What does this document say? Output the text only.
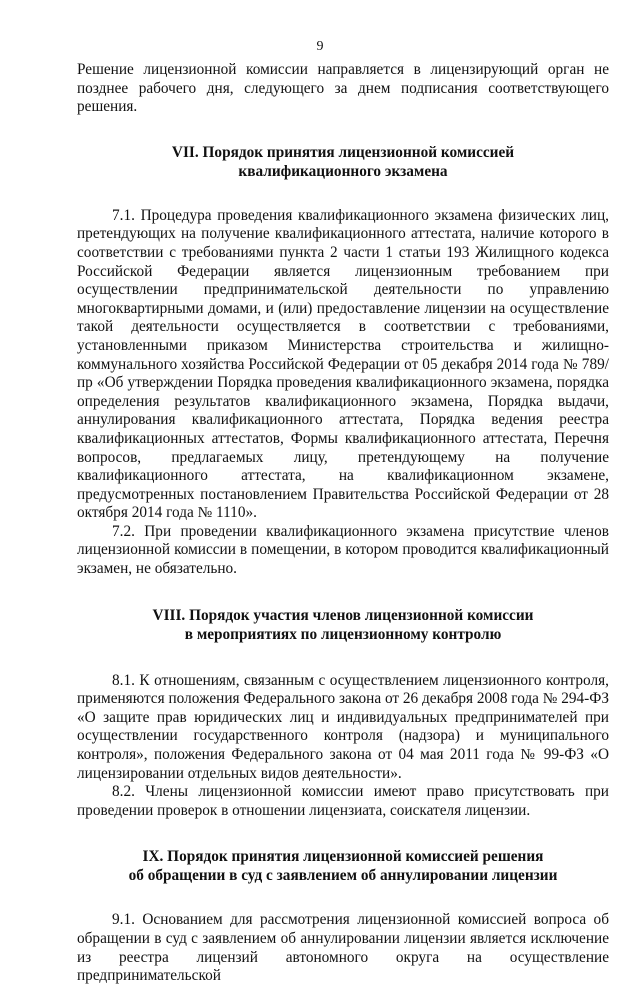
9

Решение лицензионной комиссии направляется в лицензирующий орган не позднее рабочего дня, следующего за днем подписания соответствующего решения.

VII. Порядок принятия лицензионной комиссией
квалификационного экзамена

7.1. Процедура проведения квалификационного экзамена физических лиц, претендующих на получение квалификационного аттестата, наличие которого в соответствии с требованиями пункта 2 части 1 статьи 193 Жилищного кодекса Российской Федерации является лицензионным требованием при осуществлении предпринимательской деятельности по управлению многоквартирными домами, и (или) предоставление лицензии на осуществление такой деятельности осуществляется в соответствии с требованиями, установленными приказом Министерства строительства и жилищно-коммунального хозяйства Российской Федерации от 05 декабря 2014 года № 789/пр «Об утверждении Порядка проведения квалификационного экзамена, порядка определения результатов квалификационного экзамена, Порядка выдачи, аннулирования квалификационного аттестата, Порядка ведения реестра квалификационных аттестатов, Формы квалификационного аттестата, Перечня вопросов, предлагаемых лицу, претендующему на получение квалификационного аттестата, на квалификационном экзамене, предусмотренных постановлением Правительства Российской Федерации от 28 октября 2014 года № 1110».

7.2. При проведении квалификационного экзамена присутствие членов лицензионной комиссии в помещении, в котором проводится квалификационный экзамен, не обязательно.

VIII. Порядок участия членов лицензионной комиссии
в мероприятиях по лицензионному контролю

8.1. К отношениям, связанным с осуществлением лицензионного контроля, применяются положения Федерального закона от 26 декабря 2008 года № 294-ФЗ «О защите прав юридических лиц и индивидуальных предпринимателей при осуществлении государственного контроля (надзора) и муниципального контроля», положения Федерального закона от 04 мая 2011 года № 99-ФЗ «О лицензировании отдельных видов деятельности».

8.2. Члены лицензионной комиссии имеют право присутствовать при проведении проверок в отношении лицензиата, соискателя лицензии.

IX. Порядок принятия лицензионной комиссией решения
об обращении в суд с заявлением об аннулировании лицензии

9.1. Основанием для рассмотрения лицензионной комиссией вопроса об обращении в суд с заявлением об аннулировании лицензии является исключение из реестра лицензий автономного округа на осуществление предпринимательской
